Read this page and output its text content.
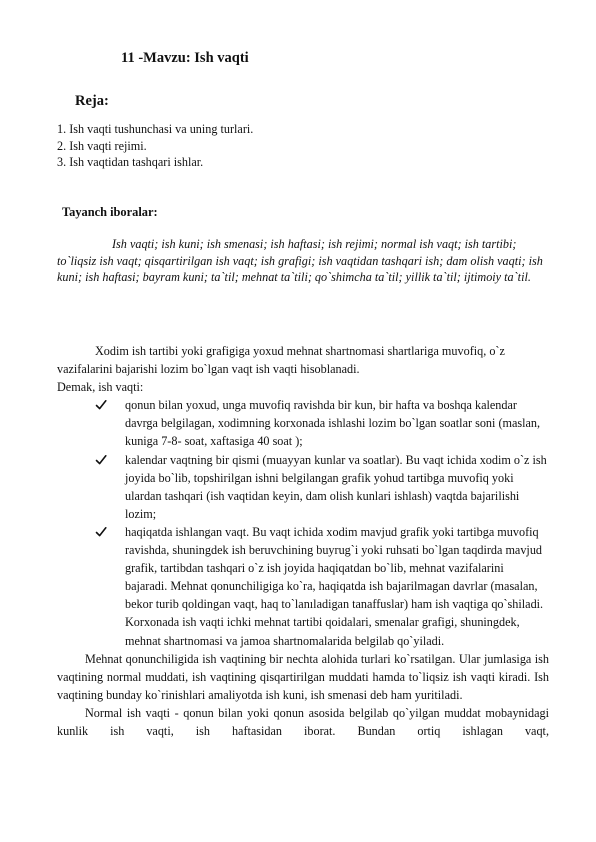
11 -Mavzu: Ish vaqti
Reja:
1. Ish vaqti tushunchasi va uning turlari.
2. Ish vaqti rejimi.
3. Ish vaqtidan tashqari ishlar.
Tayanch iboralar:

Ish vaqti; ish kuni; ish smenasi; ish haftasi; ish rejimi; normal ish vaqt; ish tartibi; to`liqsiz ish vaqt; qisqartirilgan ish vaqt; ish grafigi; ish vaqtidan tashqari ish; dam olish vaqti; ish kuni; ish haftasi; bayram kuni; ta`til; mehnat ta`tili; qo`shimcha ta`til; yillik ta`til; ijtimoiy ta`til.

Xodim ish tartibi yoki grafigiga yoxud mehnat shartnomasi shartlariga muvofiq, o`z vazifalarini bajarishi lozim bo`lgan vaqt ish vaqti hisoblanadi.

Demak, ish vaqti:

qonun bilan yoxud, unga muvofiq ravishda bir kun, bir hafta va boshqa kalendar davrga belgilagan, xodimning korxonada ishlashi lozim bo`lgan soatlar soni (maslan, kuniga 7-8- soat, xaftasiga 40 soat );
kalendar vaqtning bir qismi (muayyan kunlar va soatlar). Bu vaqt ichida xodim o`z ish joyida bo`lib, topshirilgan ishni belgilangan grafik yohud tartibga muvofiq yoki ulardan tashqari (ish vaqtidan keyin, dam olish kunlari ishlash) vaqtda bajarilishi lozim;
haqiqatda ishlangan vaqt. Bu vaqt ichida xodim mavjud grafik yoki tartibga muvofiq ravishda, shuningdek ish beruvchining buyrug`i yoki ruhsati bo`lgan taqdirda mavjud grafik, tartibdan tashqari o`z ish joyida haqiqatdan bo`lib, mehnat vazifalarini bajaradi. Mehnat qonunchiligiga ko`ra, haqiqatda ish bajarilmagan davrlar (masalan, bekor turib qoldingan vaqt, haq to`lanıladigan tanaffuslar) ham ish vaqtiga qo`shiladi. Korxonada ish vaqti ichki mehnat tartibi qoidalari, smenalar grafigi, shuningdek, mehnat shartnomasi va jamoa shartnomalarida belgilab qo`yiladi.

Mehnat qonunchiligida ish vaqtining bir nechta alohida turlari ko`rsatilgan. Ular jumlasiga ish vaqtining normal muddati, ish vaqtining qisqartirilgan muddati hamda to`liqsiz ish vaqti kiradi. Ish vaqtining bunday ko`rinishlari amaliyotda ish kuni, ish smenasi deb ham yuritiladi.

Normal ish vaqti - qonun bilan yoki qonun asosida belgilab qo`yilgan muddat mobaynidagi kunlik ish vaqti, ish haftasidan iborat. Bundan ortiq ishlagan vaqt,
